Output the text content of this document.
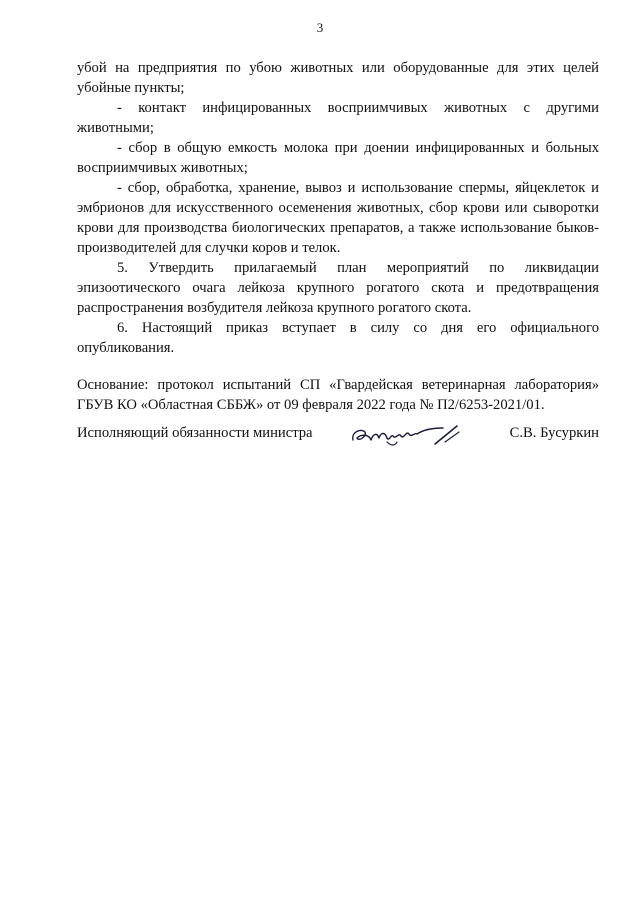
3

убой на предприятия по убою животных или оборудованные для этих целей убойные пункты;

- контакт инфицированных восприимчивых животных с другими животными;

- сбор в общую емкость молока при доении инфицированных и больных восприимчивых животных;

- сбор, обработка, хранение, вывоз и использование спермы, яйцеклеток и эмбрионов для искусственного осеменения животных, сбор крови или сыворотки крови для производства биологических препаратов, а также использование быков-производителей для случки коров и телок.

5. Утвердить прилагаемый план мероприятий по ликвидации эпизоотического очага лейкоза крупного рогатого скота и предотвращения распространения возбудителя лейкоза крупного рогатого скота.

6. Настоящий приказ вступает в силу со дня его официального опубликования.

Основание: протокол испытаний СП «Гвардейская ветеринарная лаборатория» ГБУВ КО «Областная СББЖ» от 09 февраля 2022 года № П2/6253-2021/01.

Исполняющий обязанности министра	С.В. Бусуркин
